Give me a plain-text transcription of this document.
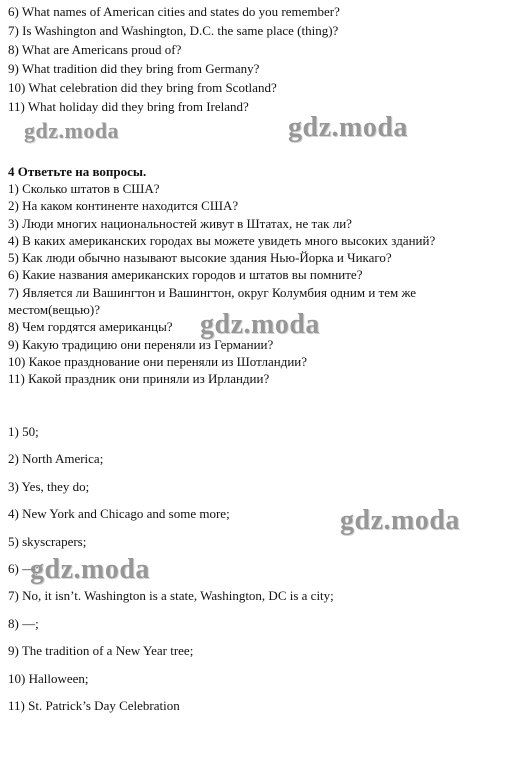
6) What names of American cities and states do you remember?
7) Is Washington and Washington, D.C. the same place (thing)?
8) What are Americans proud of?
9) What tradition did they bring from Germany?
10) What celebration did they bring from Scotland?
11) What holiday did they bring from Ireland?
4 Ответьте на вопросы.
1) Сколько штатов в США?
2) На каком континенте находится США?
3) Люди многих национальностей живут в Штатах, не так ли?
4) В каких американских городах вы можете увидеть много высоких зданий?
5) Как люди обычно называют высокие здания Нью-Йорка и Чикаго?
6) Какие названия американских городов и штатов вы помните?
7) Является ли Вашингтон и Вашингтон, округ Колумбия одним и тем же местом(вещью)?
8) Чем гордятся американцы?
9) Какую традицию они переняли из Германии?
10) Какое празднование они переняли из Шотландии?
11) Какой праздник они приняли из Ирландии?
1) 50;
2) North America;
3) Yes, they do;
4) New York and Chicago and some more;
5) skyscrapers;
6) —;
7) No, it isn’t. Washington is a state, Washington, DC is a city;
8) —;
9) The tradition of a New Year tree;
10) Halloween;
11) St. Patrick’s Day Celebration
gdz.moda	gdz.moda
gdz.moda
gdz.moda
gdz.moda
